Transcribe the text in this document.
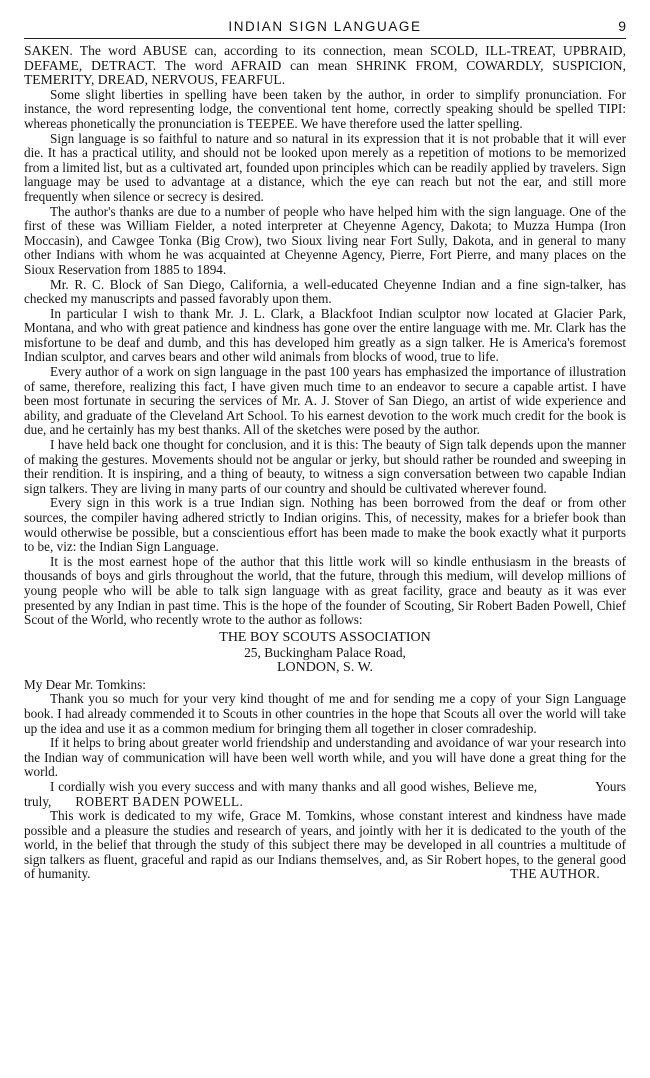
INDIAN SIGN LANGUAGE	9

SAKEN. The word ABUSE can, according to its connection, mean SCOLD, ILL-TREAT, UPBRAID, DEFAME, DETRACT. The word AFRAID can mean SHRINK FROM, COWARDLY, SUSPICION, TEMERITY, DREAD, NERVOUS, FEARFUL.

Some slight liberties in spelling have been taken by the author, in order to simplify pronunciation. For instance, the word representing lodge, the conventional tent home, correctly speaking should be spelled TIPI: whereas phonetically the pronunciation is TEEPEE. We have therefore used the latter spelling.

Sign language is so faithful to nature and so natural in its expression that it is not probable that it will ever die. It has a practical utility, and should not be looked upon merely as a repetition of motions to be memorized from a limited list, but as a cultivated art, founded upon principles which can be readily applied by travelers. Sign language may be used to advantage at a distance, which the eye can reach but not the ear, and still more frequently when silence or secrecy is desired.

The author's thanks are due to a number of people who have helped him with the sign language. One of the first of these was William Fielder, a noted interpreter at Cheyenne Agency, Dakota; to Muzza Humpa (Iron Moccasin), and Cawgee Tonka (Big Crow), two Sioux living near Fort Sully, Dakota, and in general to many other Indians with whom he was acquainted at Cheyenne Agency, Pierre, Fort Pierre, and many places on the Sioux Reservation from 1885 to 1894.

Mr. R. C. Block of San Diego, California, a well-educated Cheyenne Indian and a fine sign-talker, has checked my manuscripts and passed favorably upon them.

In particular I wish to thank Mr. J. L. Clark, a Blackfoot Indian sculptor now located at Glacier Park, Montana, and who with great patience and kindness has gone over the entire language with me. Mr. Clark has the misfortune to be deaf and dumb, and this has developed him greatly as a sign talker. He is America's foremost Indian sculptor, and carves bears and other wild animals from blocks of wood, true to life.

Every author of a work on sign language in the past 100 years has emphasized the importance of illustration of same, therefore, realizing this fact, I have given much time to an endeavor to secure a capable artist. I have been most fortunate in securing the services of Mr. A. J. Stover of San Diego, an artist of wide experience and ability, and graduate of the Cleveland Art School. To his earnest devotion to the work much credit for the book is due, and he certainly has my best thanks. All of the sketches were posed by the author.

I have held back one thought for conclusion, and it is this: The beauty of Sign talk depends upon the manner of making the gestures. Movements should not be angular or jerky, but should rather be rounded and sweeping in their rendition. It is inspiring, and a thing of beauty, to witness a sign conversation between two capable Indian sign talkers. They are living in many parts of our country and should be cultivated wherever found.

Every sign in this work is a true Indian sign. Nothing has been borrowed from the deaf or from other sources, the compiler having adhered strictly to Indian origins. This, of necessity, makes for a briefer book than would otherwise be possible, but a conscientious effort has been made to make the book exactly what it purports to be, viz: the Indian Sign Language.

It is the most earnest hope of the author that this little work will so kindle enthusiasm in the breasts of thousands of boys and girls throughout the world, that the future, through this medium, will develop millions of young people who will be able to talk sign language with as great facility, grace and beauty as it was ever presented by any Indian in past time. This is the hope of the founder of Scouting, Sir Robert Baden Powell, Chief Scout of the World, who recently wrote to the author as follows:

THE BOY SCOUTS ASSOCIATION
25, Buckingham Palace Road,
LONDON, S. W.

My Dear Mr. Tomkins:

Thank you so much for your very kind thought of me and for sending me a copy of your Sign Language book. I had already commended it to Scouts in other countries in the hope that Scouts all over the world will take up the idea and use it as a common medium for bringing them all together in closer comradeship.

If it helps to bring about greater world friendship and understanding and avoidance of war your research into the Indian way of communication will have been well worth while, and you will have done a great thing for the world.

I cordially wish you every success and with many thanks and all good wishes, Believe me,	Yours truly, ROBERT BADEN POWELL.

This work is dedicated to my wife, Grace M. Tomkins, whose constant interest and kindness have made possible and a pleasure the studies and research of years, and jointly with her it is dedicated to the youth of the world, in the belief that through the study of this subject there may be developed in all countries a multitude of sign talkers as fluent, graceful and rapid as our Indians themselves, and, as Sir Robert hopes, to the general good of humanity.	THE AUTHOR.
